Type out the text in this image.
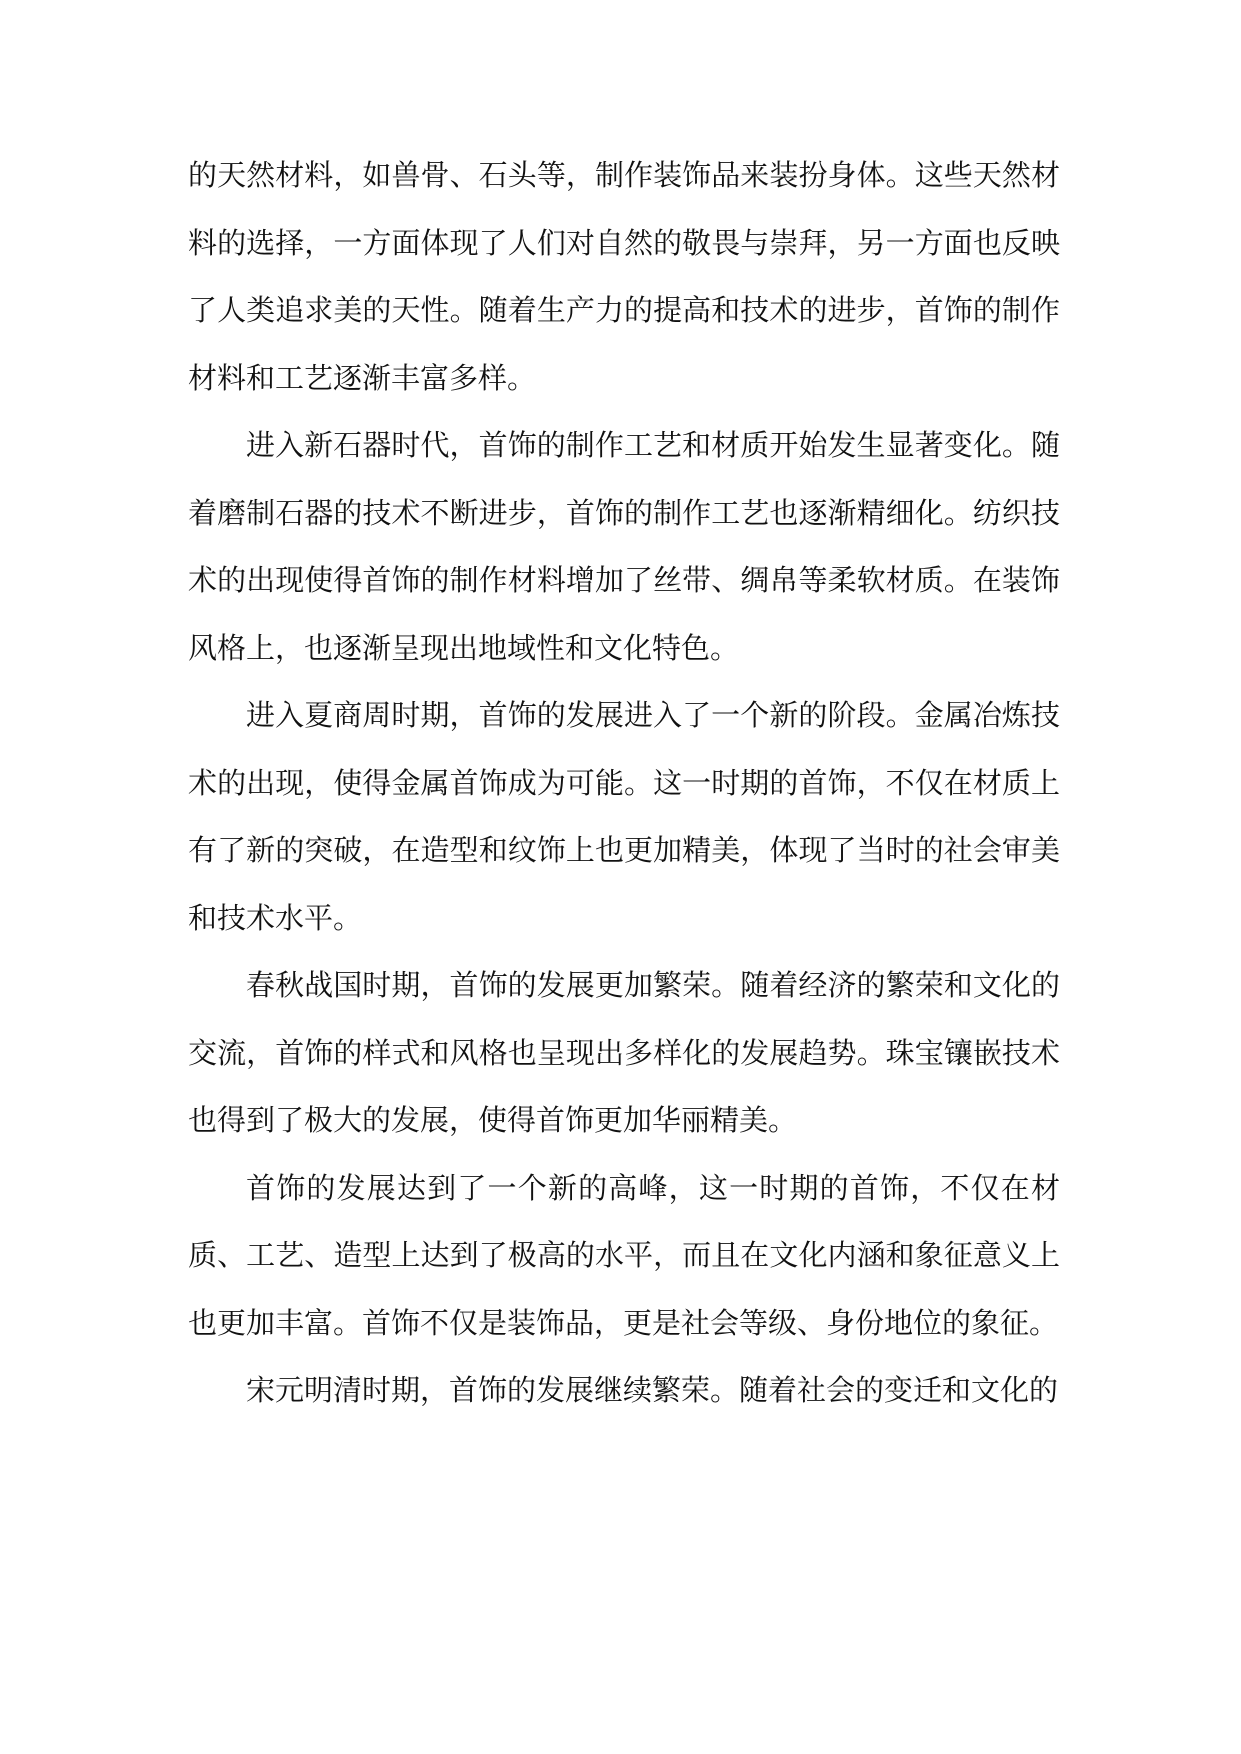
的天然材料，如兽骨、石头等，制作装饰品来装扮身体。这些天然材料的选择，一方面体现了人们对自然的敬畏与崇拜，另一方面也反映了人类追求美的天性。随着生产力的提高和技术的进步，首饰的制作材料和工艺逐渐丰富多样。

进入新石器时代，首饰的制作工艺和材质开始发生显著变化。随着磨制石器的技术不断进步，首饰的制作工艺也逐渐精细化。纺织技术的出现使得首饰的制作材料增加了丝带、绸帛等柔软材质。在装饰风格上，也逐渐呈现出地域性和文化特色。

进入夏商周时期，首饰的发展进入了一个新的阶段。金属冶炼技术的出现，使得金属首饰成为可能。这一时期的首饰，不仅在材质上有了新的突破，在造型和纹饰上也更加精美，体现了当时的社会审美和技术水平。

春秋战国时期，首饰的发展更加繁荣。随着经济的繁荣和文化的交流，首饰的样式和风格也呈现出多样化的发展趋势。珠宝镶嵌技术也得到了极大的发展，使得首饰更加华丽精美。

首饰的发展达到了一个新的高峰，这一时期的首饰，不仅在材质、工艺、造型上达到了极高的水平，而且在文化内涵和象征意义上也更加丰富。首饰不仅是装饰品，更是社会等级、身份地位的象征。

宋元明清时期，首饰的发展继续繁荣。随着社会的变迁和文化的
